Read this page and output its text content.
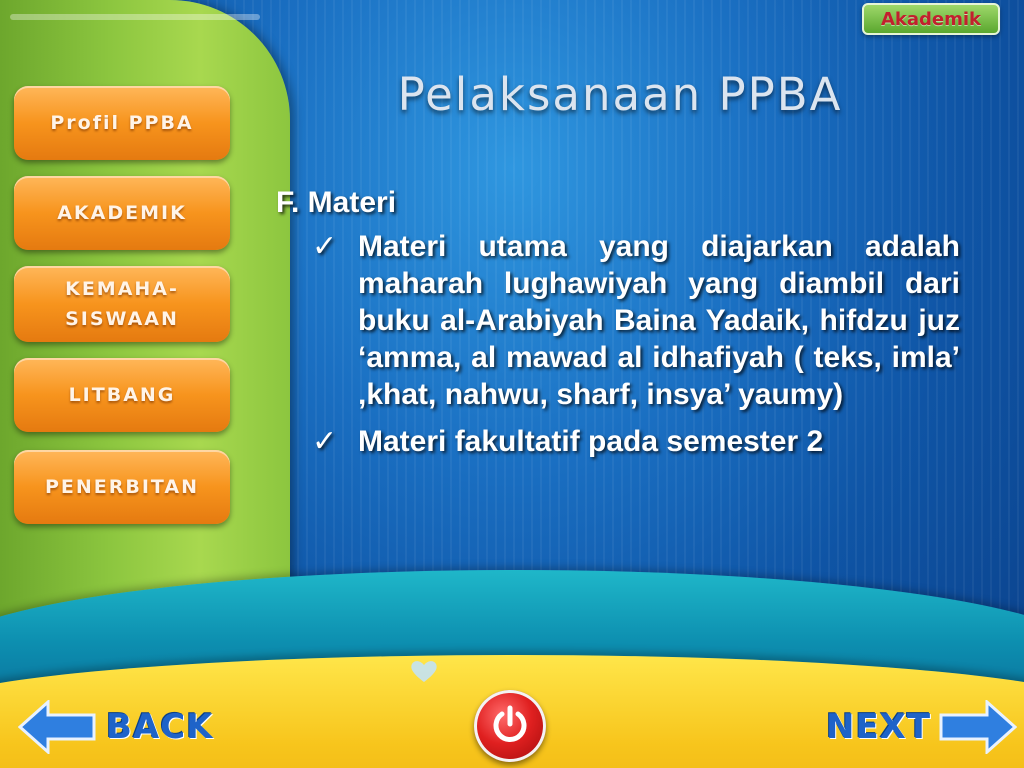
Akademik
Pelaksanaan PPBA
Profil PPBA
AKADEMIK
KEMAHA- SISWAAN
LITBANG
PENERBITAN
F. Materi
✓ Materi utama yang diajarkan adalah maharah lughawiyah yang diambil dari buku al-Arabiyah Baina Yadaik, hifdzu juz ‘amma, al mawad al idhafiyah ( teks, imla’ ,khat, nahwu, sharf, insya’ yaumy)
✓ Materi fakultatif pada semester 2
BACK	NEXT
